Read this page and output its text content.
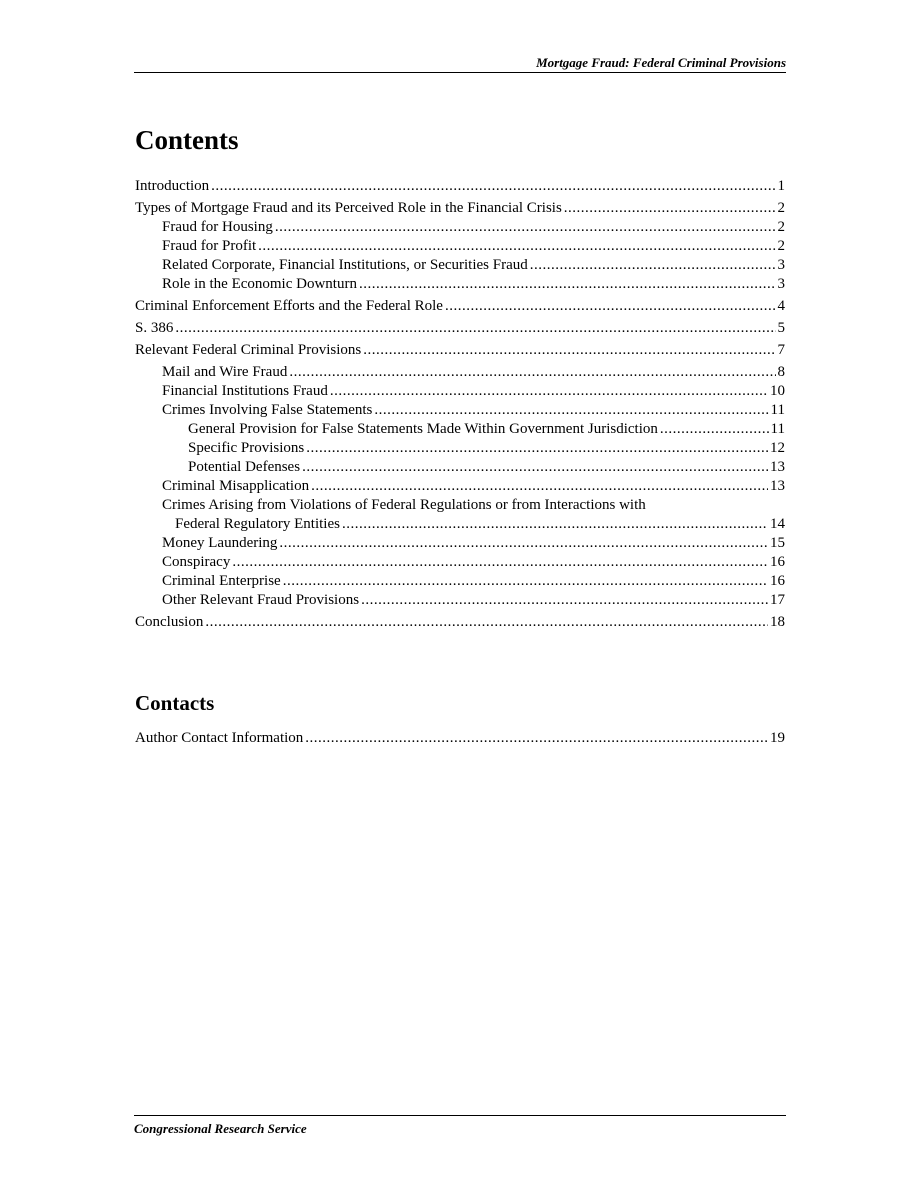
Mortgage Fraud: Federal Criminal Provisions
Contents
Introduction .....	1
Types of Mortgage Fraud and its Perceived Role in the Financial Crisis .....	2
Fraud for Housing .....	2
Fraud for Profit .....	2
Related Corporate, Financial Institutions, or Securities Fraud .....	3
Role in the Economic Downturn .....	3
Criminal Enforcement Efforts and the Federal Role .....	4
S. 386 .....	5
Relevant Federal Criminal Provisions .....	7
Mail and Wire Fraud .....	8
Financial Institutions Fraud .....	10
Crimes Involving False Statements .....	11
General Provision for False Statements Made Within Government Jurisdiction .....	11
Specific Provisions .....	12
Potential Defenses .....	13
Criminal Misapplication .....	13
Crimes Arising from Violations of Federal Regulations or from Interactions with
Federal Regulatory Entities .....	14
Money Laundering .....	15
Conspiracy .....	16
Criminal Enterprise .....	16
Other Relevant Fraud Provisions .....	17
Conclusion .....	18
Contacts
Author Contact Information .....	19
Congressional Research Service
